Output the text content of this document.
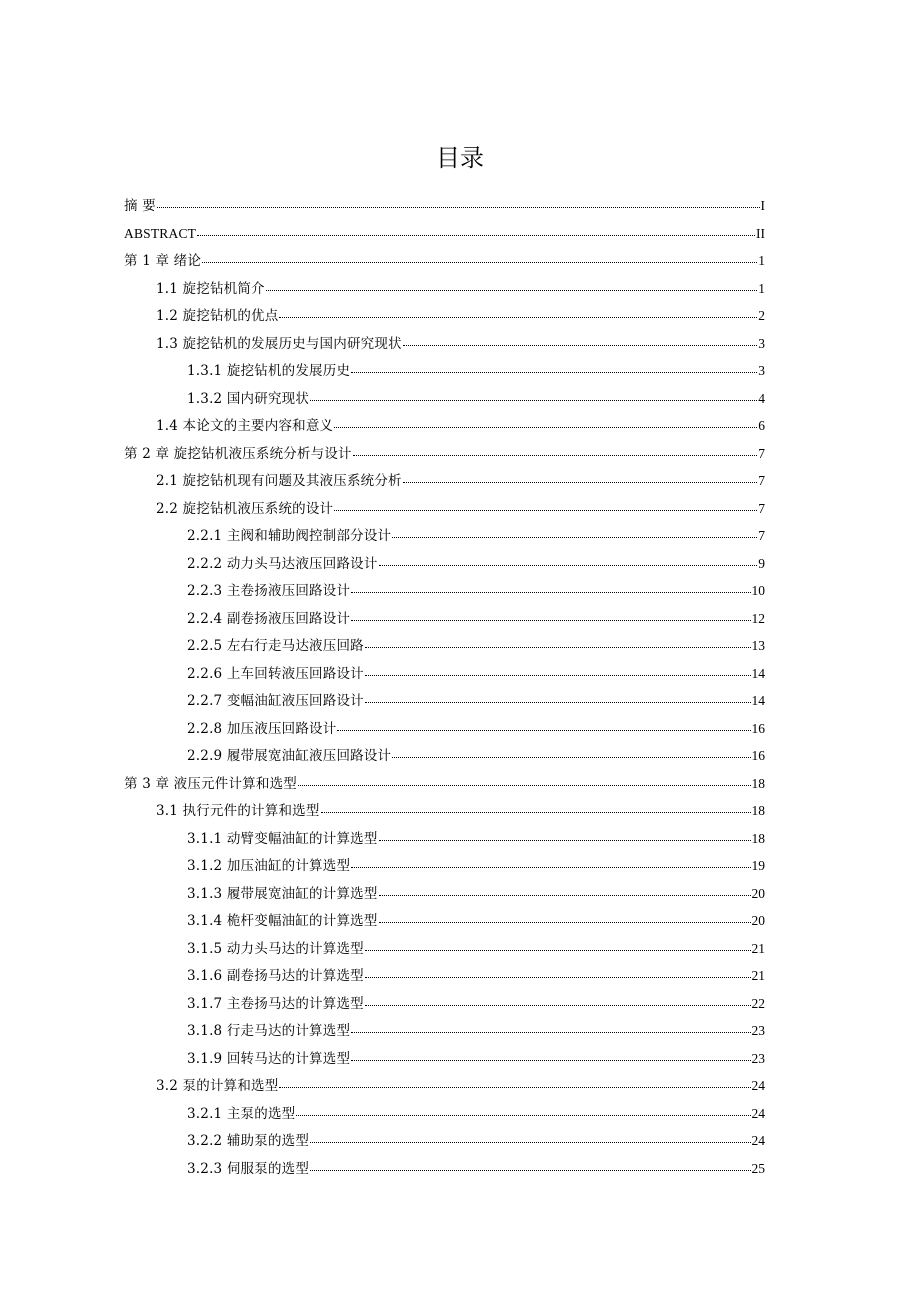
目录
摘 要	I
ABSTRACT	II
第 1 章 绪论	1
1.1 旋挖钻机简介	1
1.2 旋挖钻机的优点	2
1.3 旋挖钻机的发展历史与国内研究现状	3
1.3.1 旋挖钻机的发展历史	3
1.3.2 国内研究现状	4
1.4 本论文的主要内容和意义	6
第 2 章 旋挖钻机液压系统分析与设计	7
2.1 旋挖钻机现有问题及其液压系统分析	7
2.2 旋挖钻机液压系统的设计	7
2.2.1 主阀和辅助阀控制部分设计	7
2.2.2 动力头马达液压回路设计	9
2.2.3 主卷扬液压回路设计	10
2.2.4 副卷扬液压回路设计	12
2.2.5 左右行走马达液压回路	13
2.2.6 上车回转液压回路设计	14
2.2.7 变幅油缸液压回路设计	14
2.2.8 加压液压回路设计	16
2.2.9 履带展宽油缸液压回路设计	16
第 3 章 液压元件计算和选型	18
3.1 执行元件的计算和选型	18
3.1.1 动臂变幅油缸的计算选型	18
3.1.2 加压油缸的计算选型	19
3.1.3 履带展宽油缸的计算选型	20
3.1.4 桅杆变幅油缸的计算选型	20
3.1.5 动力头马达的计算选型	21
3.1.6 副卷扬马达的计算选型	21
3.1.7 主卷扬马达的计算选型	22
3.1.8 行走马达的计算选型	23
3.1.9 回转马达的计算选型	23
3.2 泵的计算和选型	24
3.2.1 主泵的选型	24
3.2.2 辅助泵的选型	24
3.2.3 伺服泵的选型	25
